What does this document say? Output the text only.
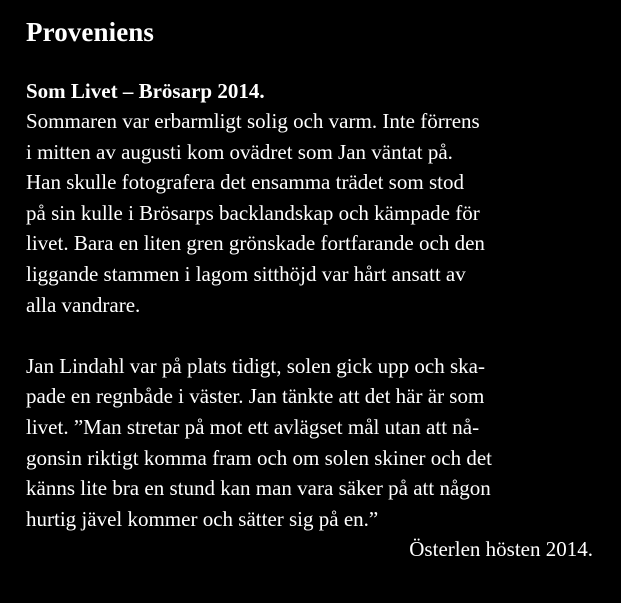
Proveniens

Som Livet – Brösarp 2014.

Sommaren var erbarmligt solig och varm. Inte förrens
i mitten av augusti kom ovädret som Jan väntat på.
Han skulle fotografera det ensamma trädet som stod
på sin kulle i Brösarps backlandskap och kämpade för
livet. Bara en liten gren grönskade fortfarande och den
liggande stammen i lagom sitthöjd var hårt ansatt av
alla vandrare.

Jan Lindahl var på plats tidigt, solen gick upp och ska-
pade en regnbåde i väster. Jan tänkte att det här är som
livet. ”Man stretar på mot ett avlägset mål utan att nå-
gonsin riktigt komma fram och om solen skiner och det
känns lite bra en stund kan man vara säker på att någon
hurtig jävel kommer och sätter sig på en.”

Österlen hösten 2014.
